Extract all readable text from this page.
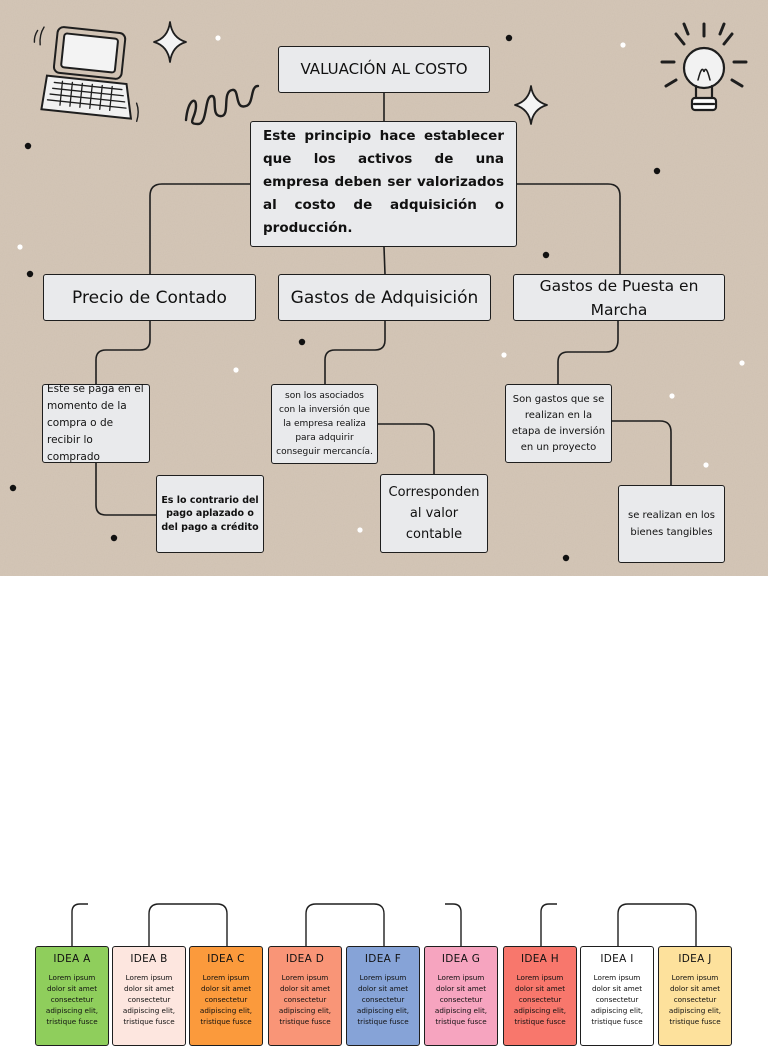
VALUACIÓN AL COSTO
Este principio hace establecer que los activos de una empresa deben ser valorizados al costo de adquisición o producción.
Precio de Contado	Gastos de Adquisición
Gastos de Puesta en Marcha
Este se paga en el momento de la compra o de recibir lo comprado
son los asociados con la inversión que la empresa realiza para adquirir conseguir mercancía.
Son gastos que se realizan en la etapa de inversión en un proyecto
Es lo contrario del pago aplazado o del pago a crédito
Corresponden al valor contable
se realizan en los bienes tangibles
IDEA A
Lorem ipsum dolor sit amet consectetur adipiscing elit, tristique fusce
IDEA B
Lorem ipsum dolor sit amet consectetur adipiscing elit, tristique fusce
IDEA C
Lorem ipsum dolor sit amet consectetur adipiscing elit, tristique fusce
IDEA D
Lorem ipsum dolor sit amet consectetur adipiscing elit, tristique fusce
IDEA F
Lorem ipsum dolor sit amet consectetur adipiscing elit, tristique fusce
IDEA G
Lorem ipsum dolor sit amet consectetur adipiscing elit, tristique fusce
IDEA H
Lorem ipsum dolor sit amet consectetur adipiscing elit, tristique fusce
IDEA I
Lorem ipsum dolor sit amet consectetur adipiscing elit, tristique fusce
IDEA J
Lorem ipsum dolor sit amet consectetur adipiscing elit, tristique fusce
